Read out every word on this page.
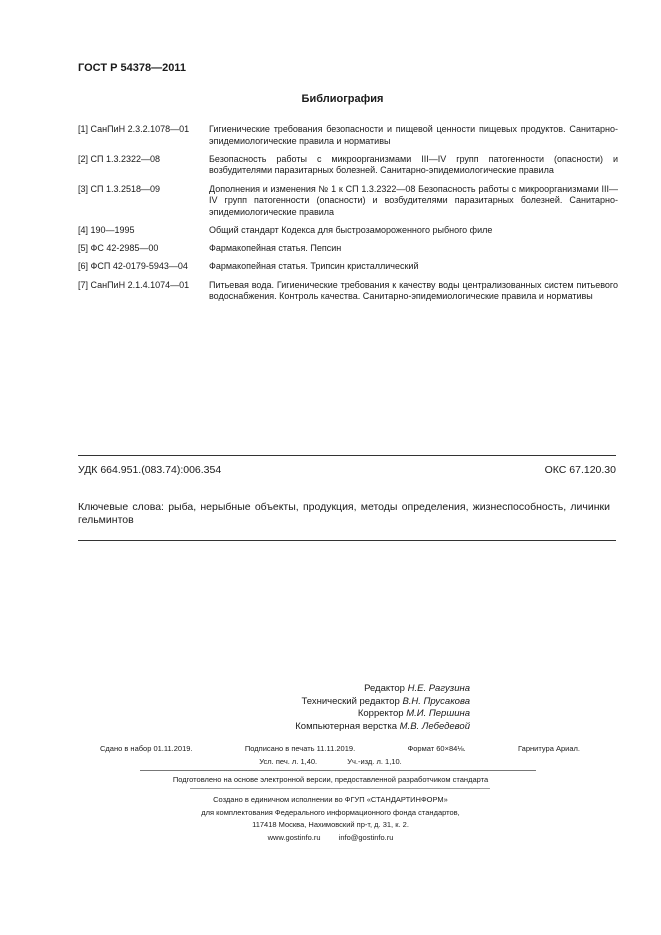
ГОСТ Р 54378—2011
Библиография
[1] СанПиН 2.3.2.1078—01	Гигиенические требования безопасности и пищевой ценности пищевых продуктов. Санитарно-эпидемиологические правила и нормативы
[2] СП 1.3.2322—08	Безопасность работы с микроорганизмами III—IV групп патогенности (опасности) и возбудителями паразитарных болезней. Санитарно-эпидемиологические правила
[3] СП 1.3.2518—09	Дополнения и изменения № 1 к СП 1.3.2322—08 Безопасность работы с микроорганизмами III—IV групп патогенности (опасности) и возбудителями паразитарных болезней. Санитарно-эпидемиологические правила
[4] 190—1995	Общий стандарт Кодекса для быстрозамороженного рыбного филе
[5] ФС 42-2985—00	Фармакопейная статья. Пепсин
[6] ФСП 42-0179-5943—04	Фармакопейная статья. Трипсин кристаллический
[7] СанПиН 2.1.4.1074—01	Питьевая вода. Гигиенические требования к качеству воды централизованных систем питьевого водоснабжения. Контроль качества. Санитарно-эпидемиологические правила и нормативы
УДК 664.951.(083.74):006.354	ОКС 67.120.30
Ключевые слова: рыба, нерыбные объекты, продукция, методы определения, жизнеспособность, личинки гельминтов
Редактор Н.Е. Рагузина
Технический редактор В.Н. Прусакова
Корректор М.И. Першина
Компьютерная верстка М.В. Лебедевой
Сдано в набор 01.11.2019.	Подписано в печать 11.11.2019.	Формат 60×84⅛.	Гарнитура Ариал.
Усл. печ. л. 1,40.	Уч.-изд. л. 1,10.
Подготовлено на основе электронной версии, предоставленной разработчиком стандарта
Создано в единичном исполнении во ФГУП «СТАНДАРТИНФОРМ»
для комплектования Федерального информационного фонда стандартов,
117418 Москва, Нахимовский пр-т, д. 31, к. 2.
www.gostinfo.ru info@gostinfo.ru
